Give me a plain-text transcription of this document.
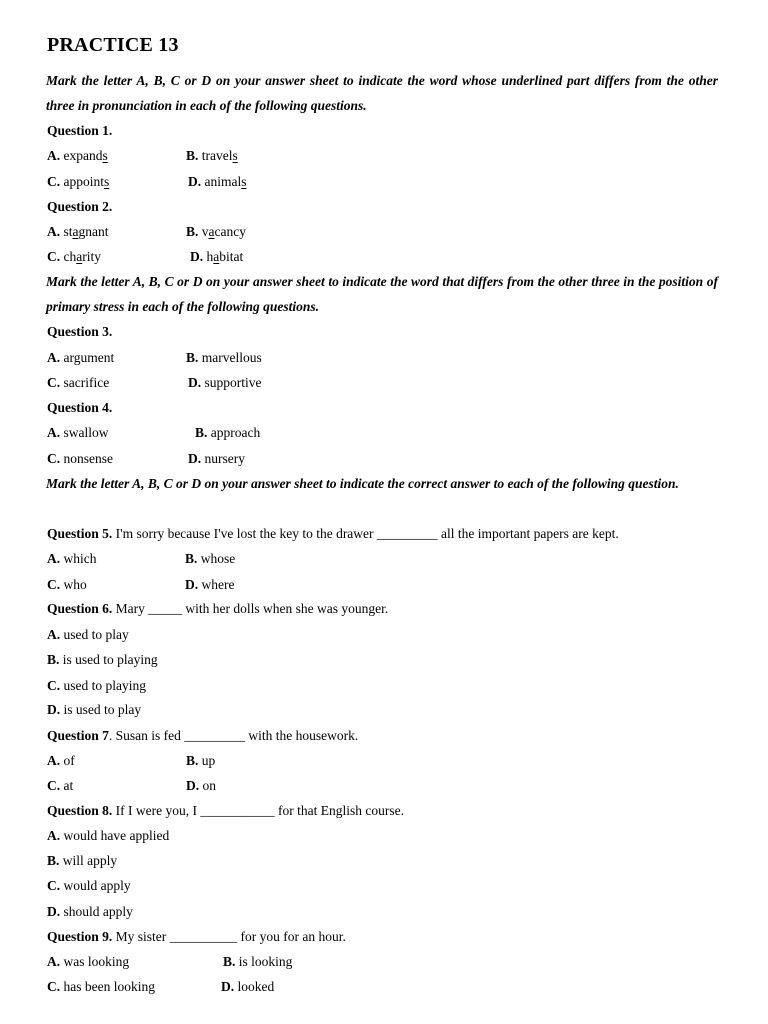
PRACTICE 13
Mark the letter A, B, C or D on your answer sheet to indicate the word whose underlined part differs from the other three in pronunciation in each of the following questions.
Question 1.
A. expands	B. travels
C. appoints	D. animals
Question 2.
A. stagnant	B. vacancy
C. charity	D. habitat
Mark the letter A, B, C or D on your answer sheet to indicate the word that differs from the other three in the position of primary stress in each of the following questions.
Question 3.
A. argument	B. marvellous
C. sacrifice	D. supportive
Question 4.
A. swallow	B. approach
C. nonsense	D. nursery
Mark the letter A, B, C or D on your answer sheet to indicate the correct answer to each of the following question.
Question 5. I'm sorry because I've lost the key to the drawer _________ all the important papers are kept.
A. which	B. whose
C. who	D. where
Question 6. Mary _____ with her dolls when she was younger.
A. used to play
B. is used to playing
C. used to playing
D. is used to play
Question 7. Susan is fed _________ with the housework.
A. of	B. up
C. at	D. on
Question 8. If I were you, I ___________ for that English course.
A. would have applied
B. will apply
C. would apply
D. should apply
Question 9. My sister __________ for you for an hour.
A. was looking	B. is looking
C. has been looking	D. looked
